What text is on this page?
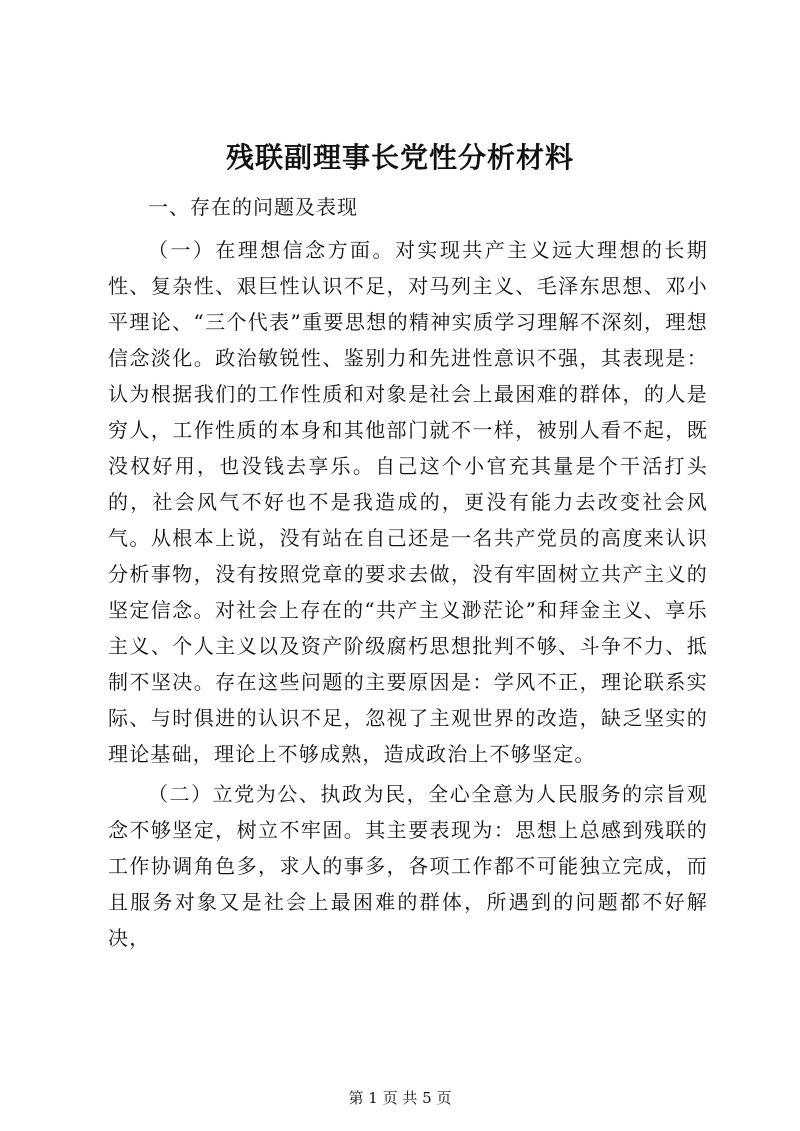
残联副理事长党性分析材料

一、存在的问题及表现

（一）在理想信念方面。对实现共产主义远大理想的长期性、复杂性、艰巨性认识不足，对马列主义、毛泽东思想、邓小平理论、“三个代表”重要思想的精神实质学习理解不深刻，理想信念淡化。政治敏锐性、鉴别力和先进性意识不强，其表现是：认为根据我们的工作性质和对象是社会上最困难的群体，的人是穷人，工作性质的本身和其他部门就不一样，被别人看不起，既没权好用，也没钱去享乐。自己这个小官充其量是个干活打头的，社会风气不好也不是我造成的，更没有能力去改变社会风气。从根本上说，没有站在自己还是一名共产党员的高度来认识分析事物，没有按照党章的要求去做，没有牢固树立共产主义的坚定信念。对社会上存在的“共产主义渺茫论”和拜金主义、享乐主义、个人主义以及资产阶级腐朽思想批判不够、斗争不力、抵制不坚决。存在这些问题的主要原因是：学风不正，理论联系实际、与时俱进的认识不足，忽视了主观世界的改造，缺乏坚实的理论基础，理论上不够成熟，造成政治上不够坚定。

（二）立党为公、执政为民，全心全意为人民服务的宗旨观念不够坚定，树立不牢固。其主要表现为：思想上总感到残联的工作协调角色多，求人的事多，各项工作都不可能独立完成，而且服务对象又是社会上最困难的群体，所遇到的问题都不好解决，

第 1 页 共 5 页
